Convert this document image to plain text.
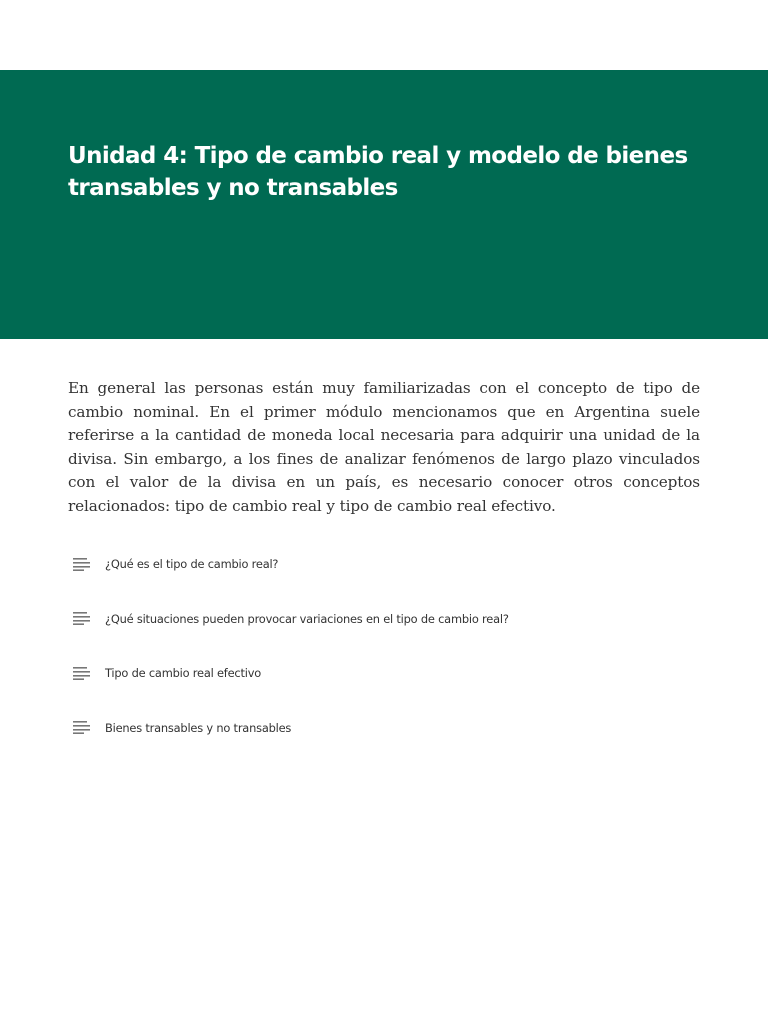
Unidad 4: Tipo de cambio real y modelo de bienes transables y no transables

En general las personas están muy familiarizadas con el concepto de tipo de cambio nominal. En el primer módulo mencionamos que en Argentina suele referirse a la cantidad de moneda local necesaria para adquirir una unidad de la divisa. Sin embargo, a los fines de analizar fenómenos de largo plazo vinculados con el valor de la divisa en un país, es necesario conocer otros conceptos relacionados: tipo de cambio real y tipo de cambio real efectivo.

¿Qué es el tipo de cambio real?
¿Qué situaciones pueden provocar variaciones en el tipo de cambio real?
Tipo de cambio real efectivo
Bienes transables y no transables
